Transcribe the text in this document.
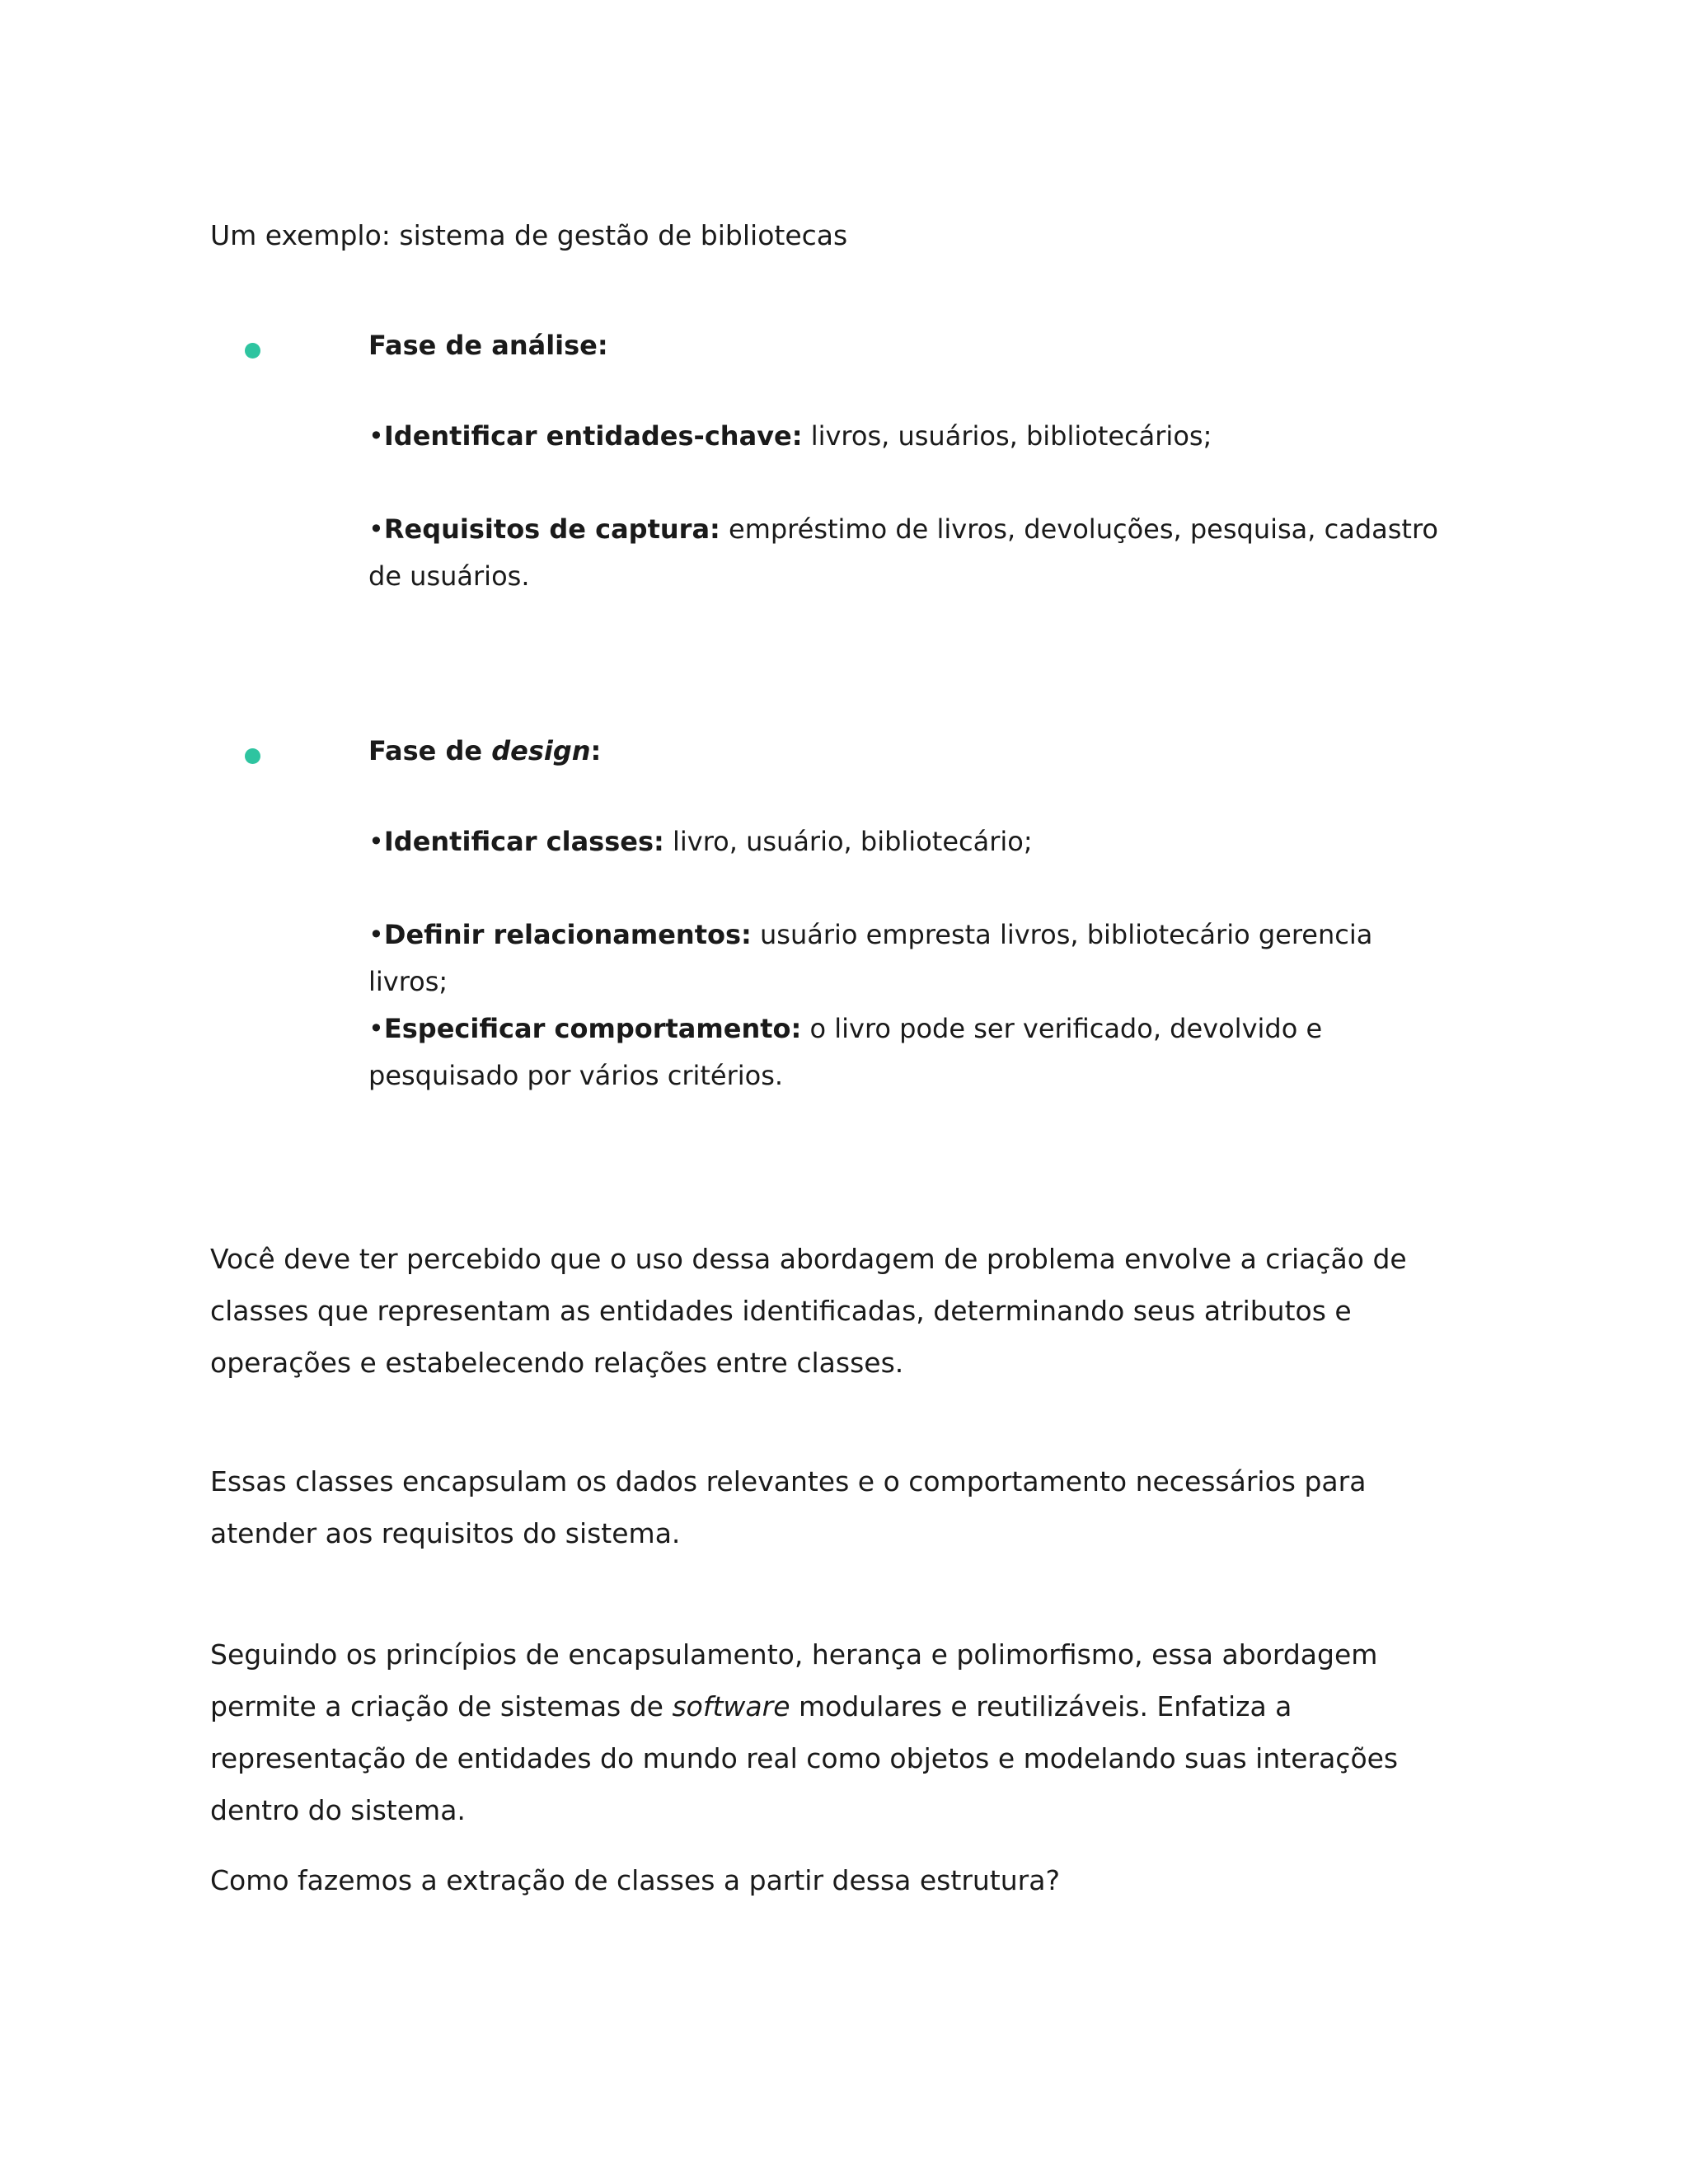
Um exemplo: sistema de gestão de bibliotecas

Fase de análise:

•Identificar entidades-chave: livros, usuários, bibliotecários;

•Requisitos de captura: empréstimo de livros, devoluções, pesquisa, cadastro de usuários.

Fase de design:

•Identificar classes: livro, usuário, bibliotecário;

•Definir relacionamentos: usuário empresta livros, bibliotecário gerencia livros;

•Especificar comportamento: o livro pode ser verificado, devolvido e pesquisado por vários critérios.

Você deve ter percebido que o uso dessa abordagem de problema envolve a criação de classes que representam as entidades identificadas, determinando seus atributos e operações e estabelecendo relações entre classes.

Essas classes encapsulam os dados relevantes e o comportamento necessários para atender aos requisitos do sistema.

Seguindo os princípios de encapsulamento, herança e polimorfismo, essa abordagem permite a criação de sistemas de software modulares e reutilizáveis. Enfatiza a representação de entidades do mundo real como objetos e modelando suas interações dentro do sistema.

Como fazemos a extração de classes a partir dessa estrutura?
